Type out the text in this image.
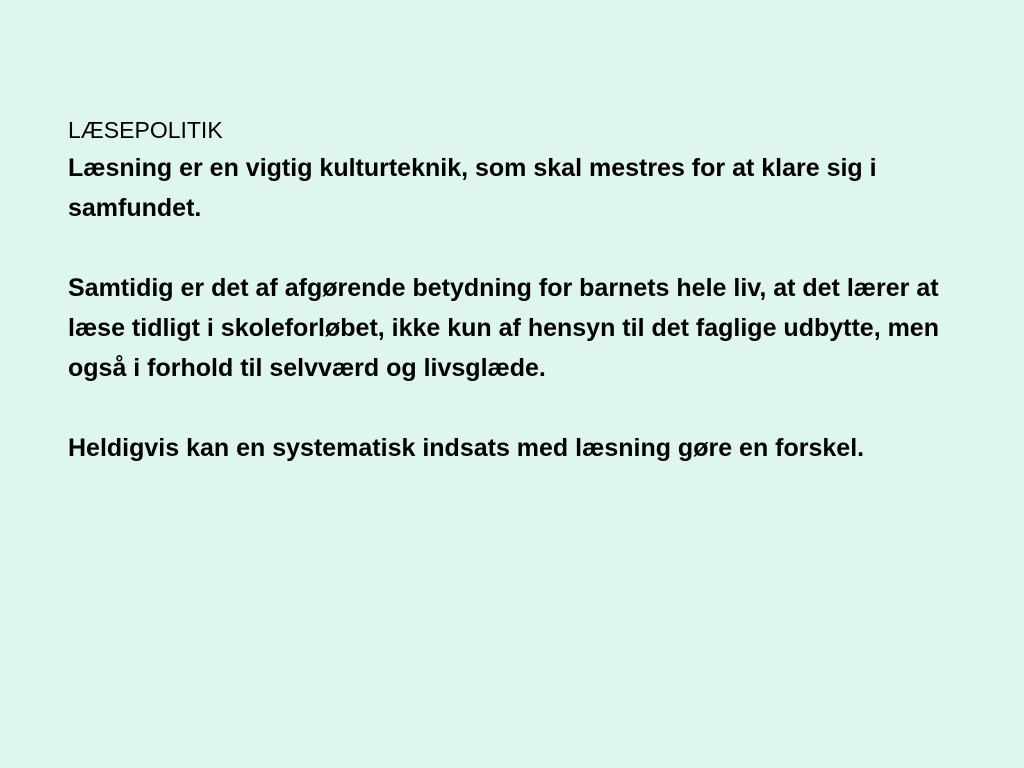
LÆSEPOLITIK

Læsning er en vigtig kulturteknik, som skal mestres for at klare sig i samfundet.

Samtidig er det af afgørende betydning for barnets hele liv, at det lærer at læse tidligt i skoleforløbet, ikke kun af hensyn til det faglige udbytte, men også i forhold til selvværd og livsglæde.

Heldigvis kan en systematisk indsats med læsning gøre en forskel.
